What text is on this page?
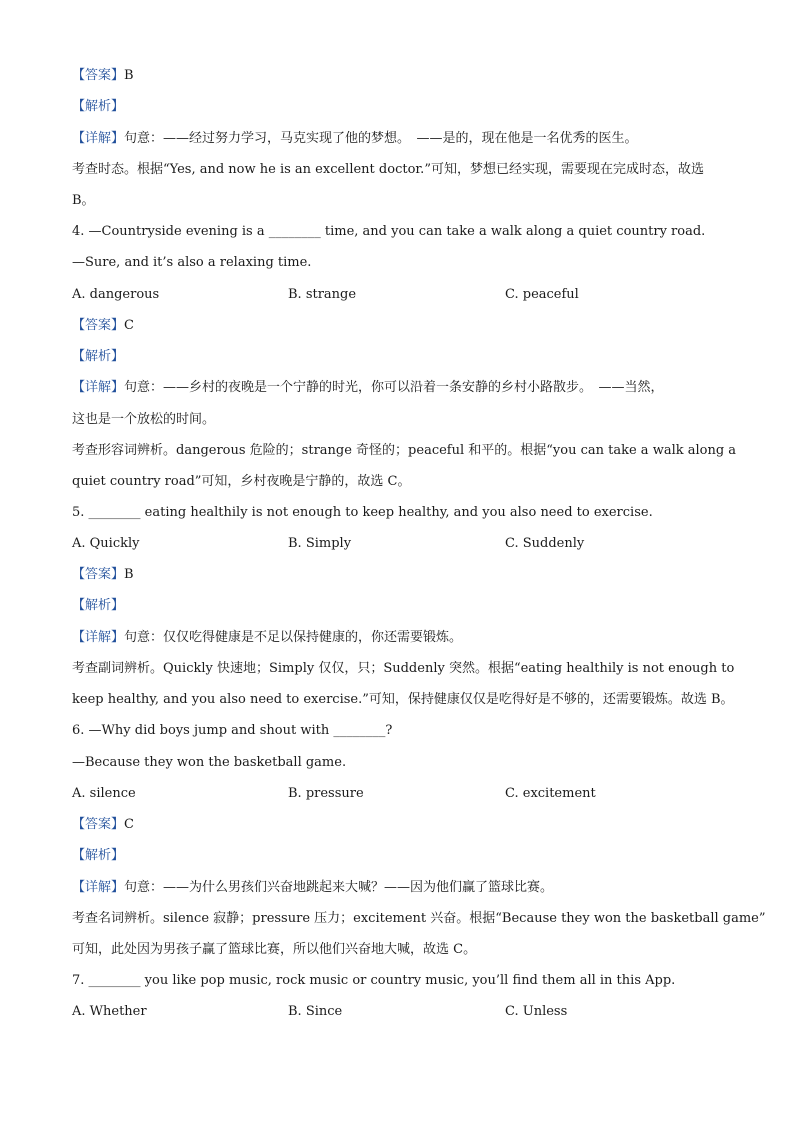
【答案】B
【解析】
【详解】句意：——经过努力学习，马克实现了他的梦想。　——是的，现在他是一名优秀的医生。
考查时态。根据“Yes, and now he is an excellent doctor.”可知，梦想已经实现，需要现在完成时态，故选
B。
4. —Countryside evening is a ________ time, and you can take a walk along a quiet country road.
—Sure, and it’s also a relaxing time.
A. dangerous	B. strange	C. peaceful
【答案】C
【解析】
【详解】句意：——乡村的夜晚是一个宁静的时光，你可以沿着一条安静的乡村小路散步。　——当然，
这也是一个放松的时间。
考查形容词辨析。dangerous 危险的；strange 奇怪的；peaceful 和平的。根据“you can take a walk along a
quiet country road”可知，乡村夜晚是宁静的，故选 C。
5. ________ eating healthily is not enough to keep healthy, and you also need to exercise.
A. Quickly	B. Simply	C. Suddenly
【答案】B
【解析】
【详解】句意：仅仅吃得健康是不足以保持健康的，你还需要锻炼。
考查副词辨析。Quickly 快速地；Simply 仅仅，只；Suddenly 突然。根据“eating healthily is not enough to
keep healthy, and you also need to exercise.”可知，保持健康仅仅是吃得好是不够的，还需要锻炼。故选 B。
6. —Why did boys jump and shout with ________?
—Because they won the basketball game.
A. silence	B. pressure	C. excitement
【答案】C
【解析】
【详解】句意：——为什么男孩们兴奋地跳起来大喊？——因为他们赢了篮球比赛。
考查名词辨析。silence 寂静；pressure 压力；excitement 兴奋。根据“Because they won the basketball game”
可知，此处因为男孩子赢了篮球比赛，所以他们兴奋地大喊，故选 C。
7. ________ you like pop music, rock music or country music, you’ll find them all in this App.
A. Whether	B. Since	C. Unless
